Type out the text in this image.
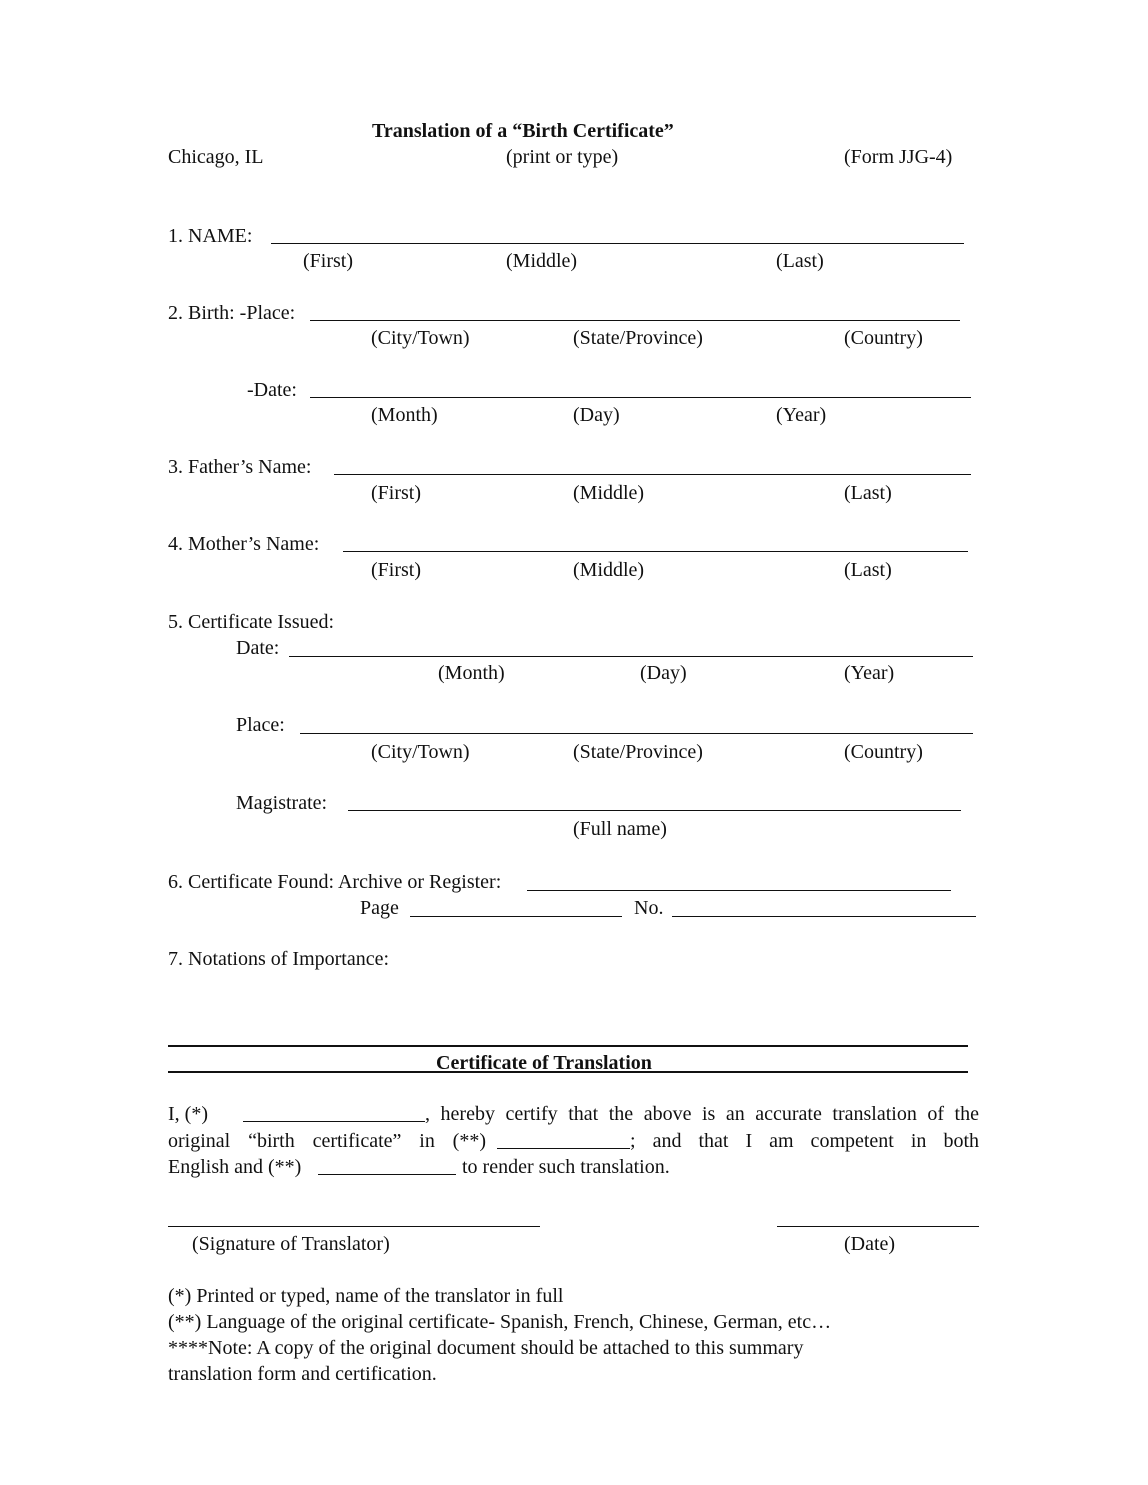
Translation of a “Birth Certificate”
Chicago, IL	(print or type)	(Form JJG-4)
1. NAME:
(First)	(Middle)	(Last)
2. Birth: -Place:
(City/Town)	(State/Province)	(Country)
-Date:
(Month)	(Day)	(Year)
3. Father’s Name:
(First)	(Middle)	(Last)
4. Mother’s Name:
(First)	(Middle)	(Last)
5. Certificate Issued:
Date:
(Month)	(Day)	(Year)
Place:
(City/Town)	(State/Province)	(Country)
Magistrate:
(Full name)
6. Certificate Found: Archive or Register:
Page	No.
7. Notations of Importance:
Certificate of Translation
I, (*)	, hereby certify that the above is an accurate translation of the
original “birth certificate” in (**)	; and that I am competent in both
English and (**)	to render such translation.
(Signature of Translator)	(Date)
(*) Printed or typed, name of the translator in full
(**) Language of the original certificate- Spanish, French, Chinese, German, etc…
****Note: A copy of the original document should be attached to this summary
translation form and certification.
